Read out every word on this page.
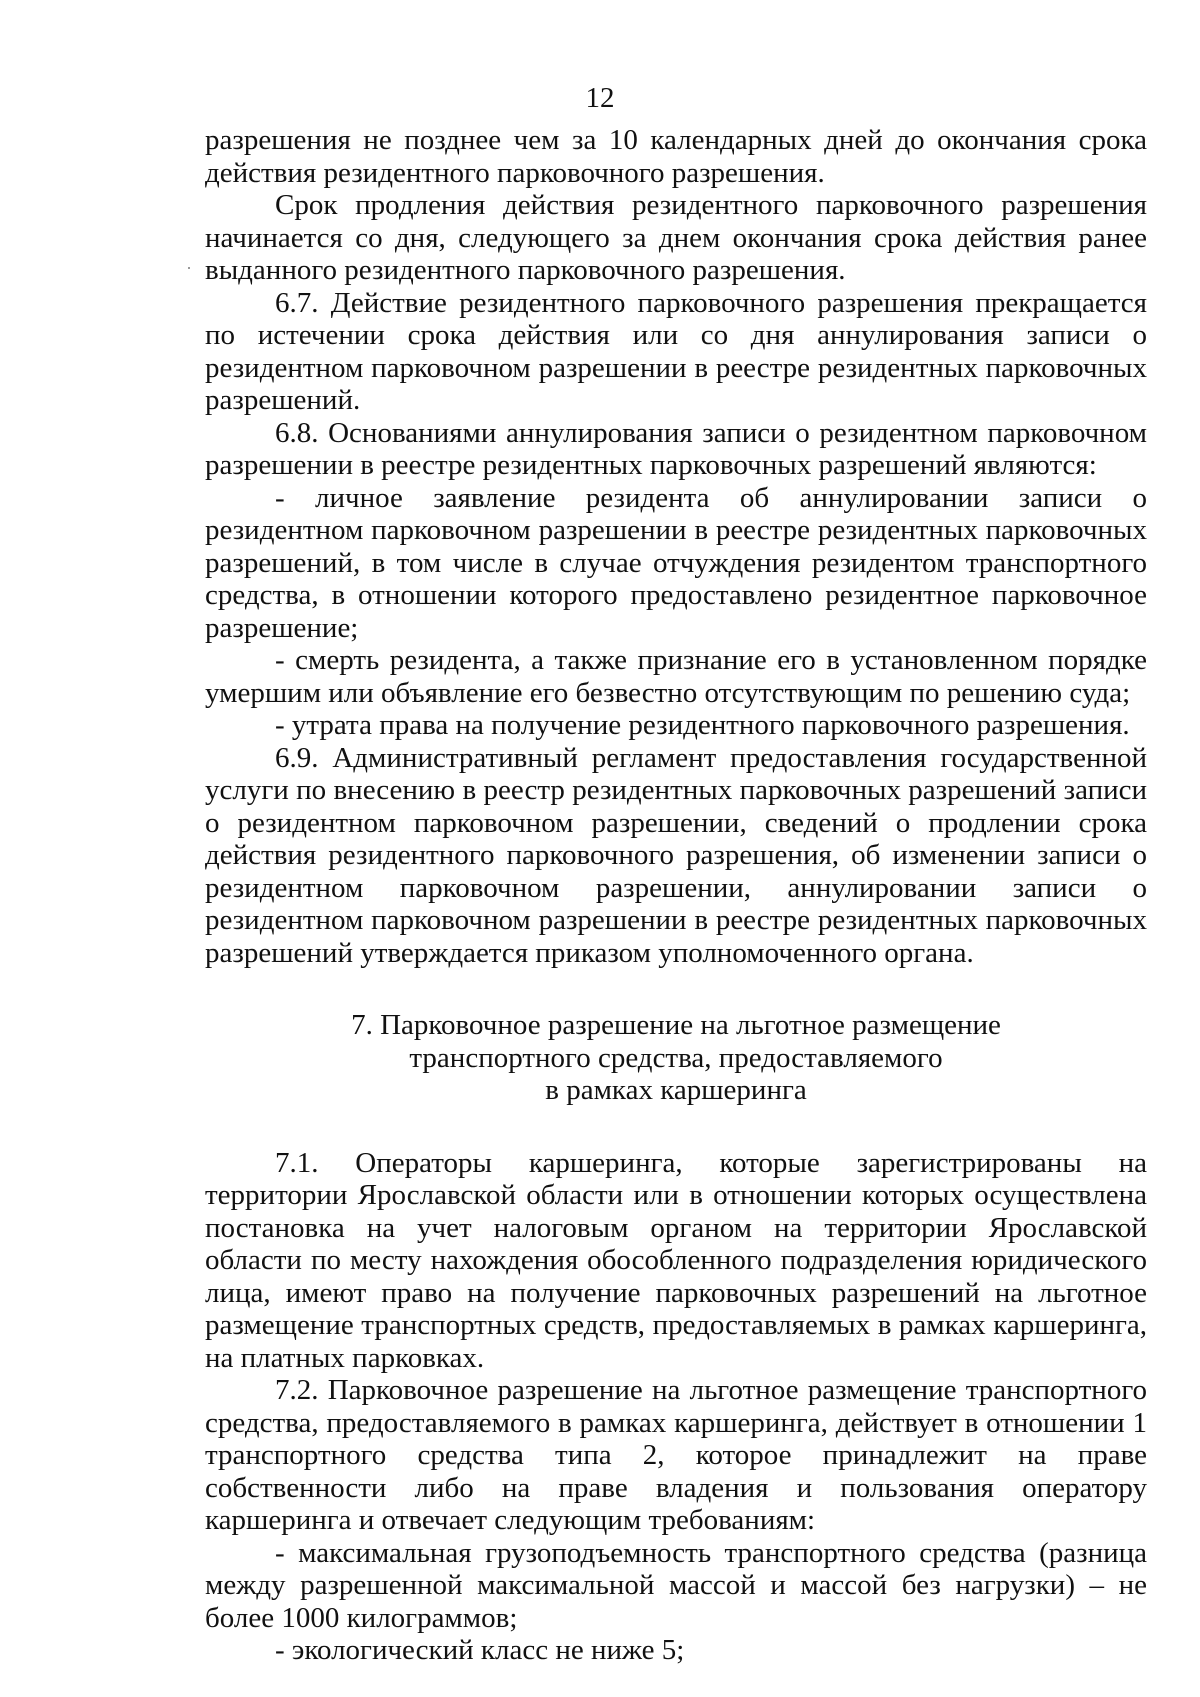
12

разрешения не позднее чем за 10 календарных дней до окончания срока действия резидентного парковочного разрешения.

Срок продления действия резидентного парковочного разрешения начинается со дня, следующего за днем окончания срока действия ранее выданного резидентного парковочного разрешения.

6.7. Действие резидентного парковочного разрешения прекращается по истечении срока действия или со дня аннулирования записи о резидентном парковочном разрешении в реестре резидентных парковочных разрешений.

6.8. Основаниями аннулирования записи о резидентном парковочном разрешении в реестре резидентных парковочных разрешений являются:

- личное заявление резидента об аннулировании записи о резидентном парковочном разрешении в реестре резидентных парковочных разрешений, в том числе в случае отчуждения резидентом транспортного средства, в отношении которого предоставлено резидентное парковочное разрешение;

- смерть резидента, а также признание его в установленном порядке умершим или объявление его безвестно отсутствующим по решению суда;

- утрата права на получение резидентного парковочного разрешения.

6.9. Административный регламент предоставления государственной услуги по внесению в реестр резидентных парковочных разрешений записи о резидентном парковочном разрешении, сведений о продлении срока действия резидентного парковочного разрешения, об изменении записи о резидентном парковочном разрешении, аннулировании записи о резидентном парковочном разрешении в реестре резидентных парковочных разрешений утверждается приказом уполномоченного органа.

7. Парковочное разрешение на льготное размещение
транспортного средства, предоставляемого
в рамках каршеринга

7.1. Операторы каршеринга, которые зарегистрированы на территории Ярославской области или в отношении которых осуществлена постановка на учет налоговым органом на территории Ярославской области по месту нахождения обособленного подразделения юридического лица, имеют право на получение парковочных разрешений на льготное размещение транспортных средств, предоставляемых в рамках каршеринга, на платных парковках.

7.2. Парковочное разрешение на льготное размещение транспортного средства, предоставляемого в рамках каршеринга, действует в отношении 1 транспортного средства типа 2, которое принадлежит на праве собственности либо на праве владения и пользования оператору каршеринга и отвечает следующим требованиям:

- максимальная грузоподъемность транспортного средства (разница между разрешенной максимальной массой и массой без нагрузки) – не более 1000 килограммов;

- экологический класс не ниже 5;
